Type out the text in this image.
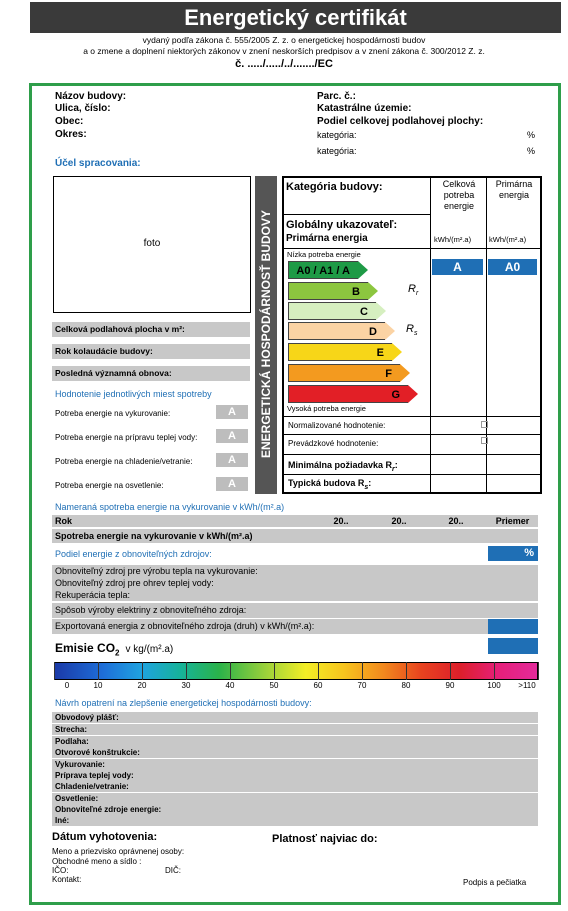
Energetický certifikát
vydaný podľa zákona č. 555/2005 Z. z. o energetickej hospodárnosti budov
a o zmene a doplnení niektorých zákonov v znení neskorších predpisov a v znení zákona č. 300/2012 Z. z.
č. ...../...../../......./EC
Názov budovy:
Ulica, číslo:
Obec:
Okres:
Parc. č.:
Katastrálne územie:
Podiel celkovej podlahovej plochy:
kategória:	%
kategória:	%
Účel spracovania:
foto	ENERGETICKÁ HOSPODÁRNOSŤ BUDOVY
Celková podlahová plocha v m²:
Rok kolaudácie budovy:
Posledná významná obnova:
Hodnotenie jednotlivých miest spotreby
Potreba energie na vykurovanie:	A
Potreba energie na prípravu teplej vody:	A
Potreba energie na chladenie/vetranie:	A
Potreba energie na osvetlenie:	A
Kategória budovy:	Celková potreba energie
Primárna energia
Globálny ukazovateľ:
Primárna energia	kWh/(m².a) kWh/(m².a)
Nízka potreba energie
Vysoká potreba energie
A0 / A1 / A
B
C
D
E
F
G
$R_r$
$R_s$
A	A0
Normalizované hodnotenie:
Prevádzkové hodnotenie:
Minimálna požiadavka $R_r$:
Typická budova $R_s$:
Nameraná spotreba energie na vykurovanie v kWh/(m².a)
Rok	20..	20..	20..	Priemer
Spotreba energie na vykurovanie v kWh/(m².a)
Podiel energie z obnoviteľných zdrojov:	%
Obnoviteľný zdroj pre výrobu tepla na vykurovanie:
Obnoviteľný zdroj pre ohrev teplej vody:
Rekuperácia tepla:
Spôsob výroby elektriny z obnoviteľného zdroja:
Exportovaná energia z obnoviteľného zdroja (druh) v kWh/(m².a):
Emisie $CO_2$ v kg/(m².a)
0	10	20	30	40	50	60	70	80	90	100	>110
Návrh opatrení na zlepšenie energetickej hospodárnosti budovy:
Obvodový plášť:
Strecha:
Podlaha:
Otvorové konštrukcie:
Vykurovanie:
Príprava teplej vody:
Chladenie/vetranie:
Osvetlenie:
Obnoviteľné zdroje energie:
Iné:
Dátum vyhotovenia:	Platnosť najviac do:
Meno a priezvisko oprávnenej osoby:
Obchodné meno a sídlo :
IČO:	DIČ:
Kontakt:	Podpis a pečiatka
